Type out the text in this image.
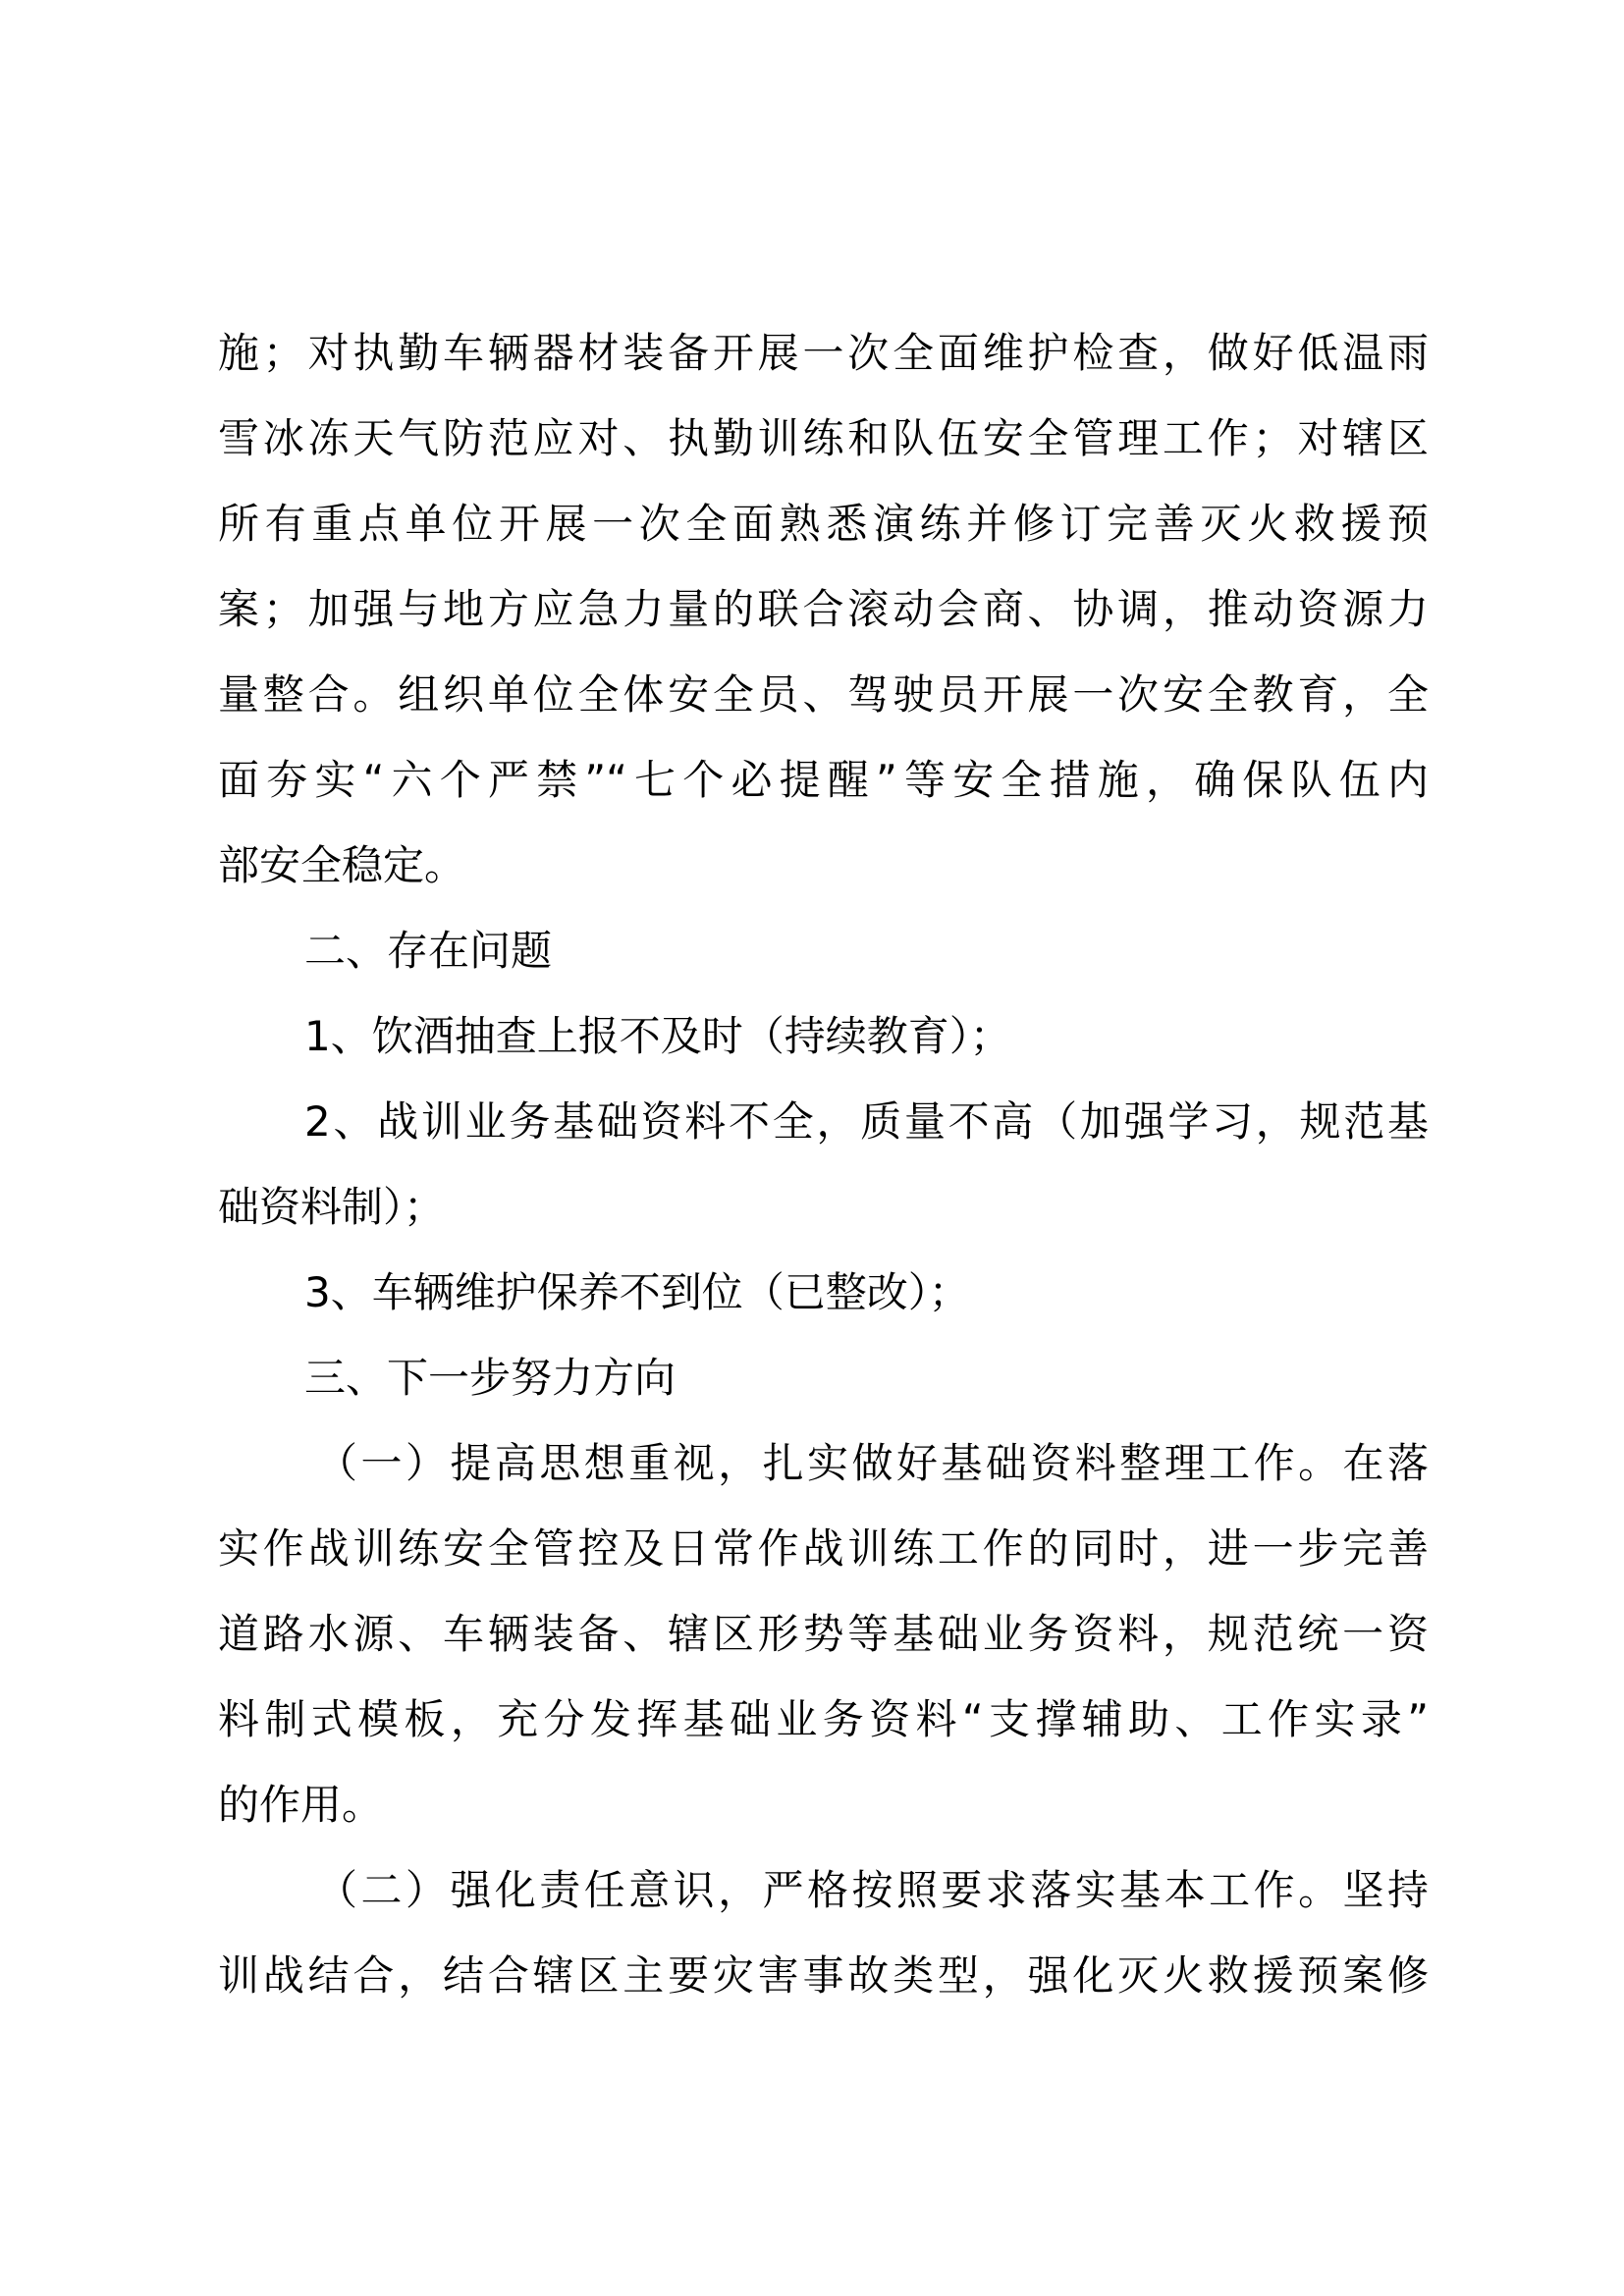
施；对执勤车辆器材装备开展一次全面维护检查，做好低温雨
雪冰冻天气防范应对、执勤训练和队伍安全管理工作；对辖区
所有重点单位开展一次全面熟悉演练并修订完善灭火救援预
案；加强与地方应急力量的联合滚动会商、协调，推动资源力
量整合。组织单位全体安全员、驾驶员开展一次安全教育，全
面夯实“六个严禁”“七个必提醒”等安全措施，确保队伍内
部安全稳定。
二、存在问题
1、饮酒抽查上报不及时（持续教育）；
2、战训业务基础资料不全，质量不高（加强学习，规范基
础资料制）；
3、车辆维护保养不到位（已整改）；
三、下一步努力方向
（一）提高思想重视，扎实做好基础资料整理工作。在落
实作战训练安全管控及日常作战训练工作的同时，进一步完善
道路水源、车辆装备、辖区形势等基础业务资料，规范统一资
料制式模板，充分发挥基础业务资料“支撑辅助、工作实录”
的作用。
（二）强化责任意识，严格按照要求落实基本工作。坚持
训战结合，结合辖区主要灾害事故类型，强化灭火救援预案修
